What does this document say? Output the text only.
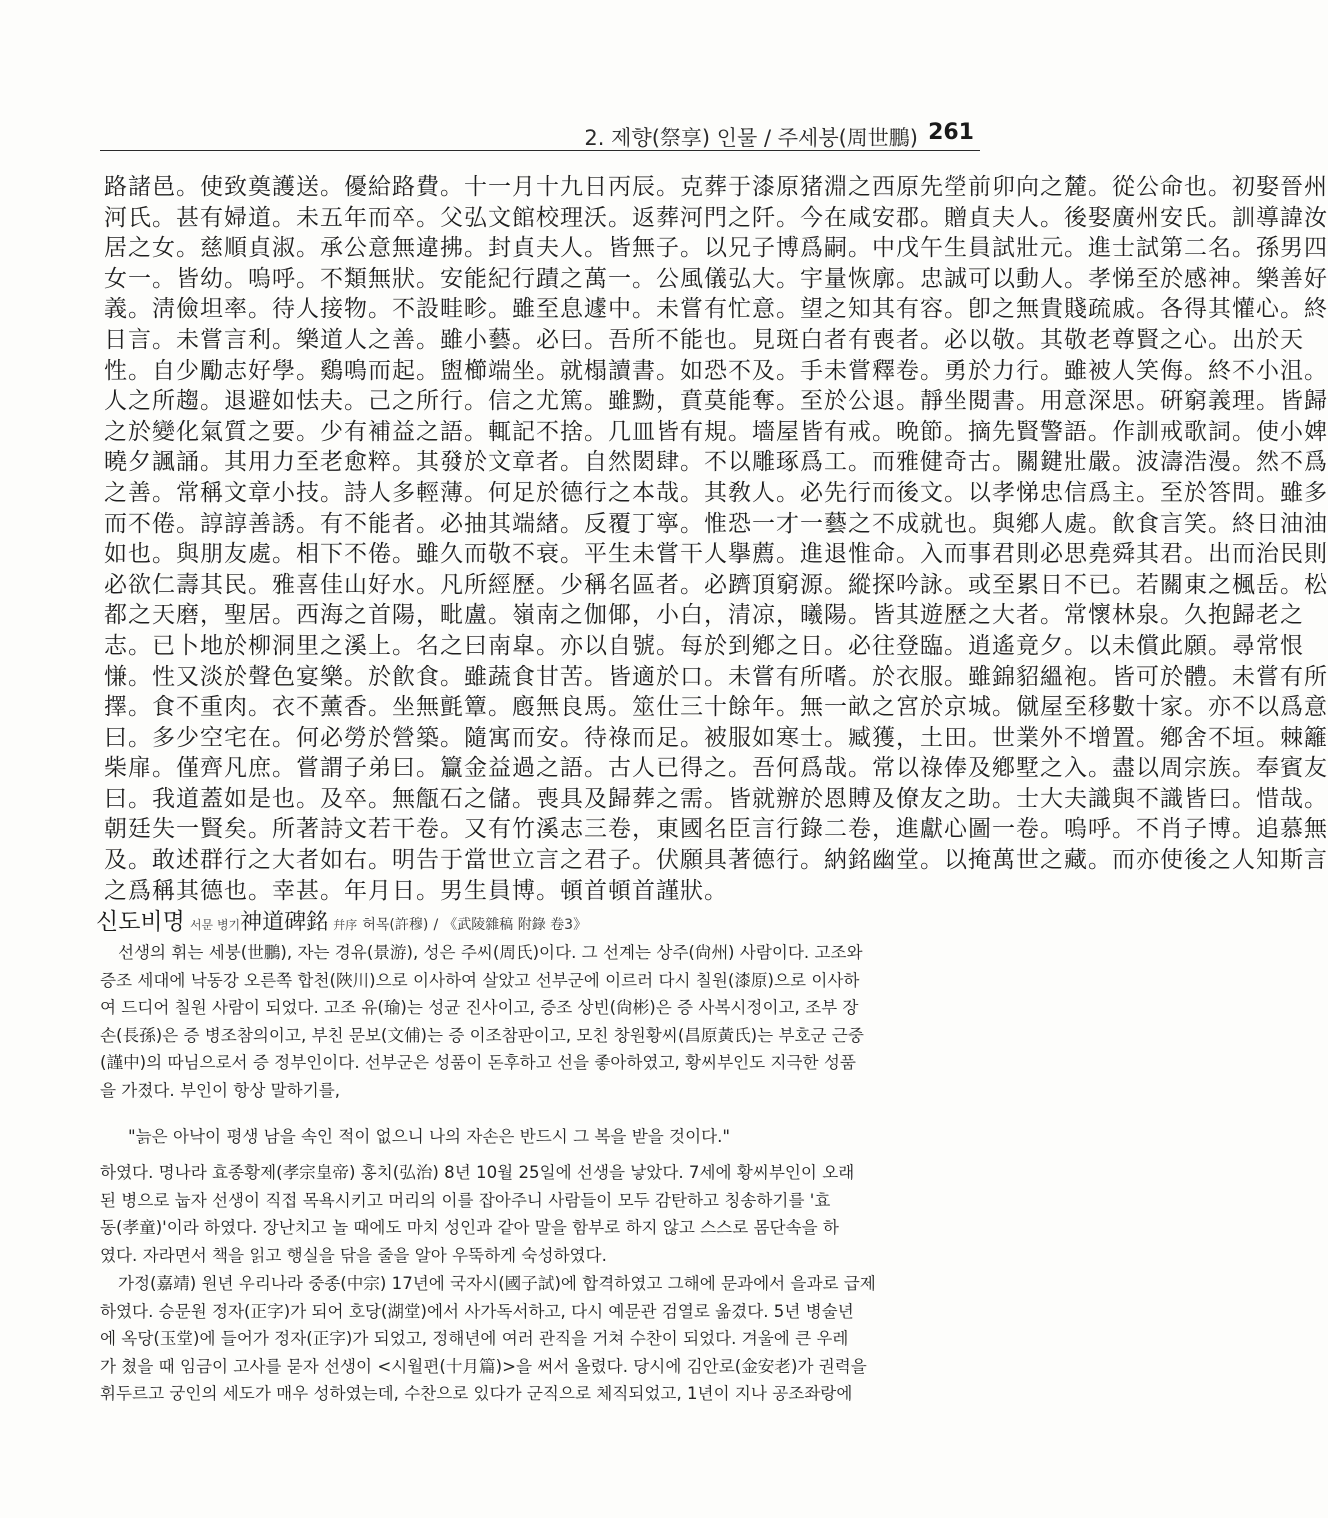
2. 제향(祭享) 인물 / 주세붕(周世鵬) 261
路諸邑。使致奠護送。優給路費。十一月十九日丙辰。克葬于漆原猪淵之西原先塋前卯向之麓。從公命也。初娶晉州
河氏。甚有婦道。未五年而卒。父弘文館校理沃。返葬河門之阡。今在咸安郡。贈貞夫人。後娶廣州安氏。訓導諱汝
居之女。慈順貞淑。承公意無違拂。封貞夫人。皆無子。以兄子博爲嗣。中戊午生員試壯元。進士試第二名。孫男四
女一。皆幼。嗚呼。不類無狀。安能紀行蹟之萬一。公風儀弘大。宇量恢廓。忠誠可以動人。孝悌至於感神。樂善好
義。淸儉坦率。待人接物。不設畦畛。雖至息遽中。未嘗有忙意。望之知其有容。卽之無貴賤疏戚。各得其懽心。終
日言。未嘗言利。樂道人之善。雖小藝。必曰。吾所不能也。見斑白者有喪者。必以敬。其敬老尊賢之心。出於天
性。自少勵志好學。鷄鳴而起。盥櫛端坐。就榻讀書。如恐不及。手未嘗釋卷。勇於力行。雖被人笑侮。終不小沮。
人之所趨。退避如怯夫。己之所行。信之尤篤。雖黝，賁莫能奪。至於公退。靜坐閱書。用意深思。硏窮義理。皆歸
之於變化氣質之要。少有補益之語。輒記不捨。几皿皆有規。墻屋皆有戒。晩節。摘先賢警語。作訓戒歌詞。使小婢
曉夕諷誦。其用力至老愈粹。其發於文章者。自然閎肆。不以雕琢爲工。而雅健奇古。關鍵壯嚴。波濤浩漫。然不爲
之善。常稱文章小技。詩人多輕薄。何足於德行之本哉。其敎人。必先行而後文。以孝悌忠信爲主。至於答問。雖多
而不倦。諄諄善誘。有不能者。必抽其端緖。反覆丁寧。惟恐一才一藝之不成就也。與鄕人處。飮食言笑。終日油油
如也。與朋友處。相下不倦。雖久而敬不衰。平生未嘗干人擧薦。進退惟命。入而事君則必思堯舜其君。出而治民則
必欲仁壽其民。雅喜佳山好水。凡所經歷。少稱名區者。必躋頂窮源。縱探吟詠。或至累日不已。若關東之楓岳。松
都之天磨，聖居。西海之首陽，毗盧。嶺南之伽倻，小白，清凉，曦陽。皆其遊歷之大者。常懷林泉。久抱歸老之
志。已卜地於柳洞里之溪上。名之曰南皐。亦以自號。每於到鄕之日。必往登臨。逍遙竟夕。以未償此願。尋常恨
慊。性又淡於聲色宴樂。於飮食。雖蔬食甘苦。皆適於口。未嘗有所嗜。於衣服。雖錦貂縕袍。皆可於體。未嘗有所
擇。食不重肉。衣不薰香。坐無氈簟。廏無良馬。筮仕三十餘年。無一畝之宮於京城。僦屋至移數十家。亦不以爲意
曰。多少空宅在。何必勞於營築。隨寓而安。待祿而足。被服如寒士。臧獲，土田。世業外不增置。鄕舍不垣。棘籬
柴扉。僅齊凡庶。嘗謂子弟曰。籯金益過之語。古人已得之。吾何爲哉。常以祿俸及鄕墅之入。盡以周宗族。奉賓友
曰。我道蓋如是也。及卒。無甔石之儲。喪具及歸葬之需。皆就辦於恩賻及僚友之助。士大夫識與不識皆曰。惜哉。
朝廷失一賢矣。所著詩文若干卷。又有竹溪志三卷，東國名臣言行錄二卷，進獻心圖一卷。嗚呼。不肖子博。追慕無
及。敢述群行之大者如右。明告于當世立言之君子。伏願具著德行。納銘幽堂。以掩萬世之藏。而亦使後之人知斯言
之爲稱其德也。幸甚。年月日。男生員博。頓首頓首謹狀。
신도비명 서문 병기神道碑銘 幷序 허목(許穆) / 《武陵雜稿 附錄 卷3》
선생의 휘는 세붕(世鵬), 자는 경유(景游), 성은 주씨(周氏)이다. 그 선계는 상주(尙州) 사람이다. 고조와
증조 세대에 낙동강 오른쪽 합천(陜川)으로 이사하여 살았고 선부군에 이르러 다시 칠원(漆原)으로 이사하
여 드디어 칠원 사람이 되었다. 고조 유(瑜)는 성균 진사이고, 증조 상빈(尙彬)은 증 사복시정이고, 조부 장
손(長孫)은 증 병조참의이고, 부친 문보(文俌)는 증 이조참판이고, 모친 창원황씨(昌原黃氏)는 부호군 근중
(謹中)의 따님으로서 증 정부인이다. 선부군은 성품이 돈후하고 선을 좋아하였고, 황씨부인도 지극한 성품
을 가졌다. 부인이 항상 말하기를,
"늙은 아낙이 평생 남을 속인 적이 없으니 나의 자손은 반드시 그 복을 받을 것이다."
하였다. 명나라 효종황제(孝宗皇帝) 홍치(弘治) 8년 10월 25일에 선생을 낳았다. 7세에 황씨부인이 오래
된 병으로 눕자 선생이 직접 목욕시키고 머리의 이를 잡아주니 사람들이 모두 감탄하고 칭송하기를 '효
동(孝童)'이라 하였다. 장난치고 놀 때에도 마치 성인과 같아 말을 함부로 하지 않고 스스로 몸단속을 하
였다. 자라면서 책을 읽고 행실을 닦을 줄을 알아 우뚝하게 숙성하였다.
가정(嘉靖) 원년 우리나라 중종(中宗) 17년에 국자시(國子試)에 합격하였고 그해에 문과에서 을과로 급제
하였다. 승문원 정자(正字)가 되어 호당(湖堂)에서 사가독서하고, 다시 예문관 검열로 옮겼다. 5년 병술년
에 옥당(玉堂)에 들어가 정자(正字)가 되었고, 정해년에 여러 관직을 거쳐 수찬이 되었다. 겨울에 큰 우레
가 쳤을 때 임금이 고사를 묻자 선생이 <시월편(十月篇)>을 써서 올렸다. 당시에 김안로(金安老)가 권력을
휘두르고 궁인의 세도가 매우 성하였는데, 수찬으로 있다가 군직으로 체직되었고, 1년이 지나 공조좌랑에
